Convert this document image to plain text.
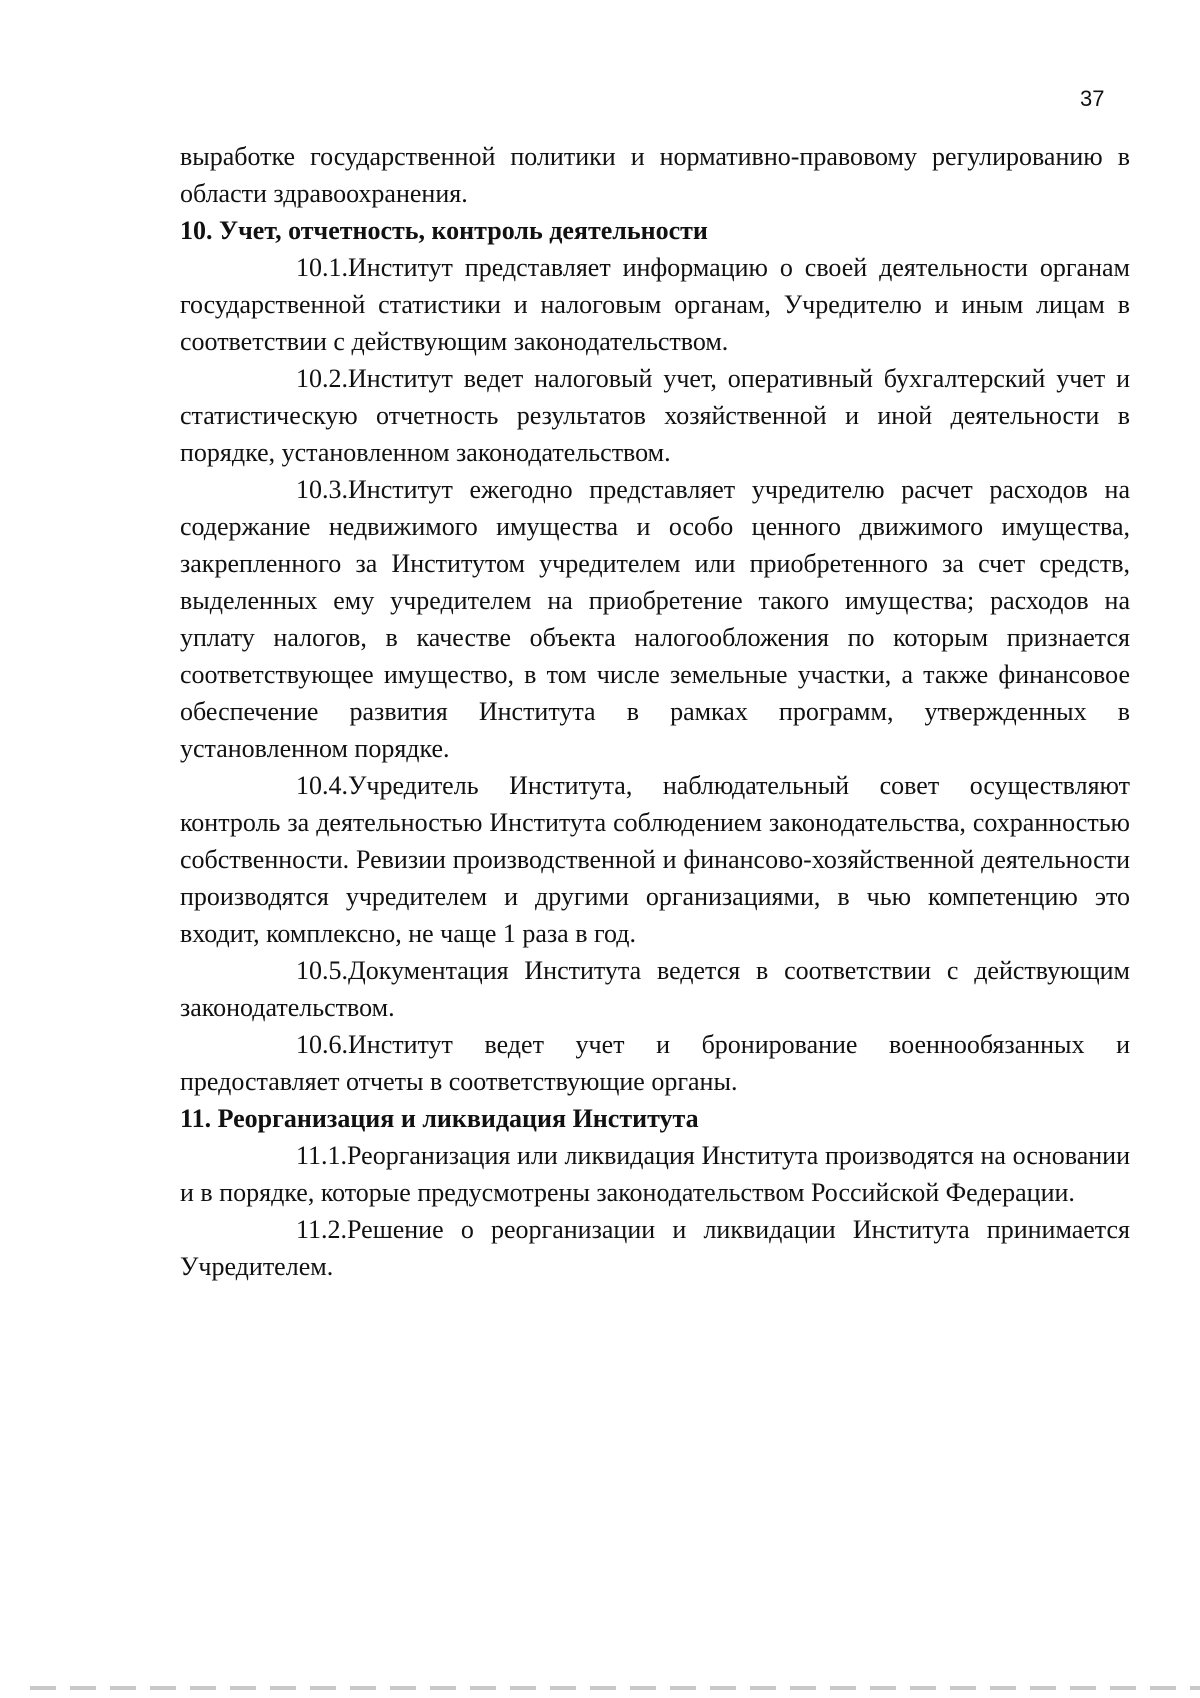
37

выработке государственной политики и нормативно-правовому регулированию в области здравоохранения.

10. Учет, отчетность, контроль деятельности

10.1.Институт представляет информацию о своей деятельности органам государственной статистики и налоговым органам, Учредителю и иным лицам в соответствии с действующим законодательством.

10.2.Институт ведет налоговый учет, оперативный бухгалтерский учет и статистическую отчетность результатов хозяйственной и иной деятельности в порядке, установленном законодательством.

10.3.Институт ежегодно представляет учредителю расчет расходов на содержание недвижимого имущества и особо ценного движимого имущества, закрепленного за Институтом учредителем или приобретенного за счет средств, выделенных ему учредителем на приобретение такого имущества; расходов на уплату налогов, в качестве объекта налогообложения по которым признается соответствующее имущество, в том числе земельные участки, а также финансовое обеспечение развития Института в рамках программ, утвержденных в установленном порядке.

10.4.Учредитель Института, наблюдательный совет осуществляют контроль за деятельностью Института соблюдением законодательства, сохранностью собственности. Ревизии производственной и финансово-хозяйственной деятельности производятся учредителем и другими организациями, в чью компетенцию это входит, комплексно, не чаще 1 раза в год.

10.5.Документация Института ведется в соответствии с действующим законодательством.

10.6.Институт ведет учет и бронирование военнообязанных и предоставляет отчеты в соответствующие органы.

11. Реорганизация и ликвидация Института

11.1.Реорганизация или ликвидация Института производятся на основании и в порядке, которые предусмотрены законодательством Российской Федерации.

11.2.Решение о реорганизации и ликвидации Института принимается Учредителем.
